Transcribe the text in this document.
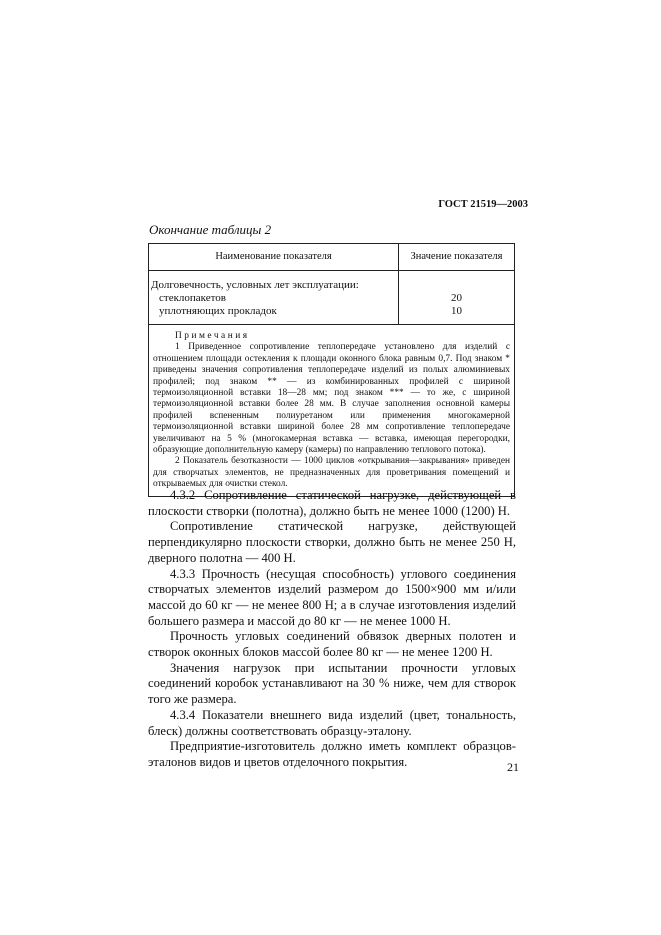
ГОСТ 21519—2003
Окончание таблицы 2
Наименование показателя	Значение показателя
Долговечность, условных лет эксплуатации:
стеклопакетов
уплотняющих прокладок

20
10
Примечания
1 Приведенное сопротивление теплопередаче установлено для изделий с отношением площади остекления к площади оконного блока равным 0,7. Под знаком * приведены значения сопротивления теплопередаче изделий из полых алюминиевых профилей; под знаком ** — из комбинированных профилей с шириной термоизоляционной вставки 18—28 мм; под знаком *** — то же, с шириной термоизоляционной вставки более 28 мм. В случае заполнения основной камеры профилей вспененным полиуретаном или применения многокамерной термоизоляционной вставки шириной более 28 мм сопротивление теплопередаче увеличивают на 5 % (многокамерная вставка — вставка, имеющая перегородки, образующие дополнительную камеру (камеры) по направлению теплового потока).
2 Показатель безотказности — 1000 циклов «открывания—закрывания» приведен для створчатых элементов, не предназначенных для проветривания помещений и открываемых для очистки стекол.

4.3.2 Сопротивление статической нагрузке, действующей в плоскости створки (полотна), должно быть не менее 1000 (1200) Н.

Сопротивление статической нагрузке, действующей перпендикулярно плоскости створки, должно быть не менее 250 Н, дверного полотна — 400 Н.

4.3.3 Прочность (несущая способность) углового соединения створчатых элементов изделий размером до 1500×900 мм и/или массой до 60 кг — не менее 800 Н; а в случае изготовления изделий большего размера и массой до 80 кг — не менее 1000 Н.

Прочность угловых соединений обвязок дверных полотен и створок оконных блоков массой более 80 кг — не менее 1200 Н.

Значения нагрузок при испытании прочности угловых соединений коробок устанавливают на 30 % ниже, чем для створок того же размера.

4.3.4 Показатели внешнего вида изделий (цвет, тональность, блеск) должны соответствовать образцу-эталону.

Предприятие-изготовитель должно иметь комплект образцов-эталонов видов и цветов отделочного покрытия.	21
